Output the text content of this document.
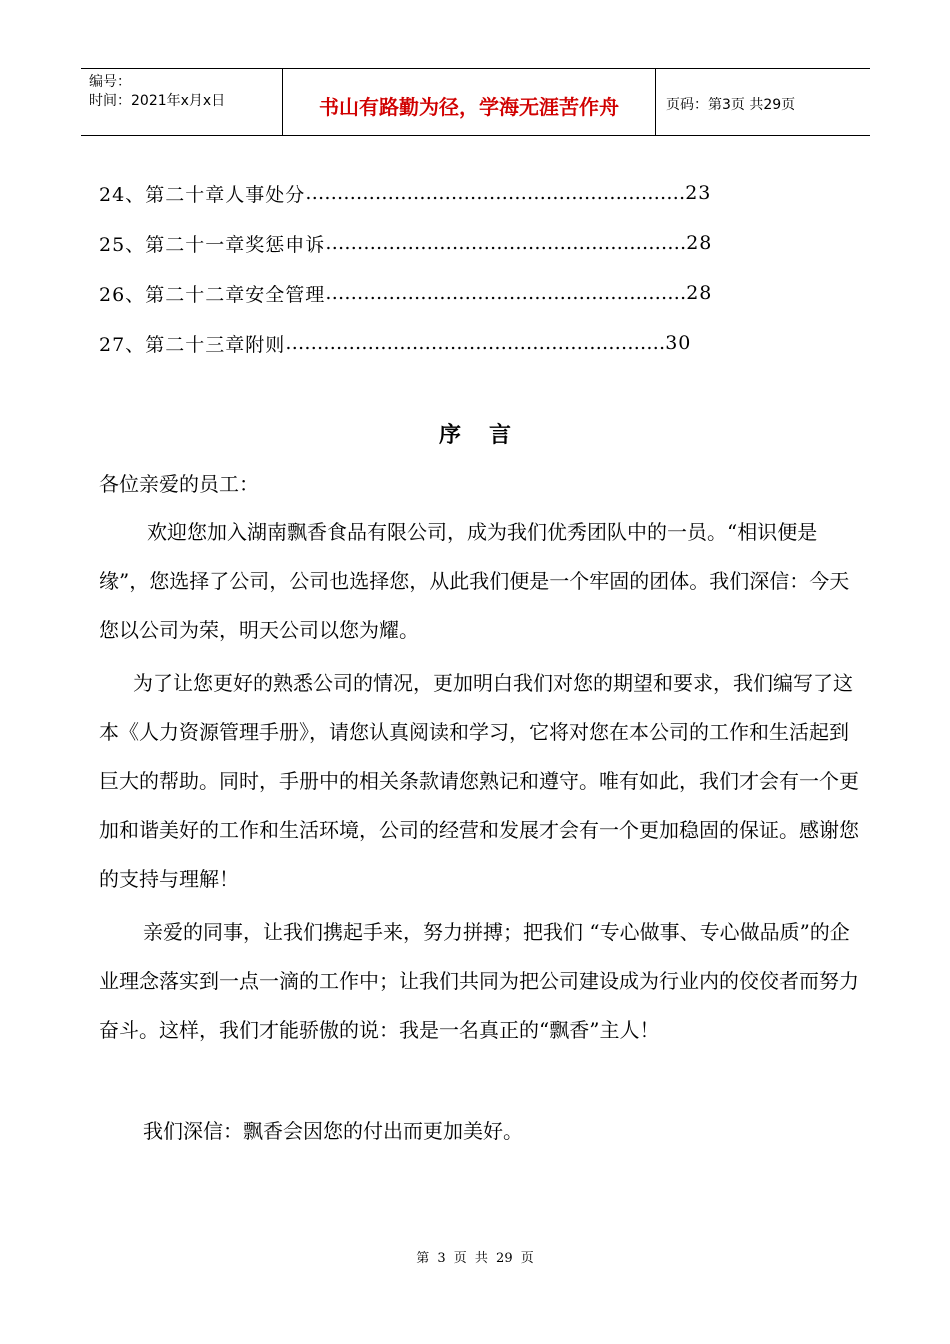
编号：
时间：2021年x月x日	书山有路勤为径，学海无涯苦作舟	页码：第3页 共29页
24、 第二十章人事处分 …………………………………………………… 23
25、 第二十一章奖惩申诉 ………………………………………………… 28
26、 第二十二章安全管理 ………………………………………………… 28
27、 第二十三章附则 …………………………………………………… 30
序言
各位亲爱的员工：
欢迎您加入湖南飘香食品有限公司，成为我们优秀团队中的一员。“相识便是缘”，您选择了公司，公司也选择您，从此我们便是一个牢固的团体。我们深信：今天您以公司为荣，明天公司以您为耀。
为了让您更好的熟悉公司的情况，更加明白我们对您的期望和要求，我们编写了这本《人力资源管理手册》，请您认真阅读和学习，它将对您在本公司的工作和生活起到巨大的帮助。同时，手册中的相关条款请您熟记和遵守。唯有如此，我们才会有一个更加和谐美好的工作和生活环境，公司的经营和发展才会有一个更加稳固的保证。感谢您的支持与理解！
亲爱的同事，让我们携起手来，努力拼搏；把我们 “专心做事、专心做品质”的企业理念落实到一点一滴的工作中；让我们共同为把公司建设成为行业内的佼佼者而努力奋斗。这样，我们才能骄傲的说：我是一名真正的“飘香”主人！
我们深信：飘香会因您的付出而更加美好。
第 3 页 共 29 页
